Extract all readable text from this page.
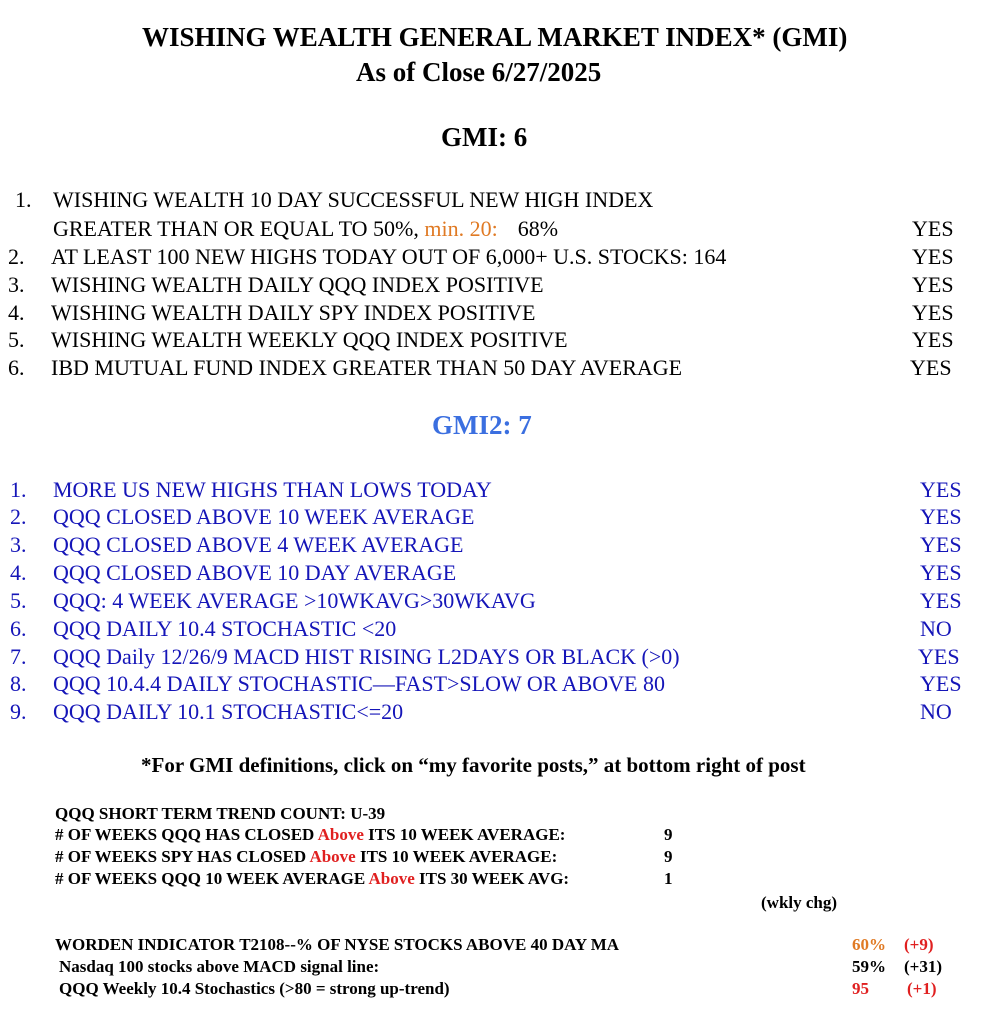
WISHING WEALTH GENERAL MARKET INDEX* (GMI)
As of Close 6/27/2025
GMI: 6
1. WISHING WEALTH 10 DAY SUCCESSFUL NEW HIGH INDEX
GREATER THAN OR EQUAL TO 50%, min. 20: 68%	YES
2. AT LEAST 100 NEW HIGHS TODAY OUT OF 6,000+ U.S. STOCKS: 164	YES
3. WISHING WEALTH DAILY QQQ INDEX POSITIVE	YES
4. WISHING WEALTH DAILY SPY INDEX POSITIVE	YES
5. WISHING WEALTH WEEKLY QQQ INDEX POSITIVE	YES
6. IBD MUTUAL FUND INDEX GREATER THAN 50 DAY AVERAGE	YES
GMI2: 7
1. MORE US NEW HIGHS THAN LOWS TODAY	YES
2. QQQ CLOSED ABOVE 10 WEEK AVERAGE	YES
3. QQQ CLOSED ABOVE 4 WEEK AVERAGE	YES
4. QQQ CLOSED ABOVE 10 DAY AVERAGE	YES
5. QQQ: 4 WEEK AVERAGE >10WKAVG>30WKAVG	YES
6. QQQ DAILY 10.4 STOCHASTIC <20	NO
7. QQQ Daily 12/26/9 MACD HIST RISING L2DAYS OR BLACK (>0)	YES
8. QQQ 10.4.4 DAILY STOCHASTIC—FAST>SLOW OR ABOVE 80	YES
9. QQQ DAILY 10.1 STOCHASTIC<=20	NO
*For GMI definitions, click on “my favorite posts,” at bottom right of post
QQQ SHORT TERM TREND COUNT: U-39
# OF WEEKS QQQ HAS CLOSED Above ITS 10 WEEK AVERAGE:	9
# OF WEEKS SPY HAS CLOSED Above ITS 10 WEEK AVERAGE:	9
# OF WEEKS QQQ 10 WEEK AVERAGE Above ITS 30 WEEK AVG:	1
(wkly chg)
WORDEN INDICATOR T2108--% OF NYSE STOCKS ABOVE 40 DAY MA	60% (+9)
Nasdaq 100 stocks above MACD signal line:	59% (+31)
QQQ Weekly 10.4 Stochastics (>80 = strong up-trend)	95 (+1)
